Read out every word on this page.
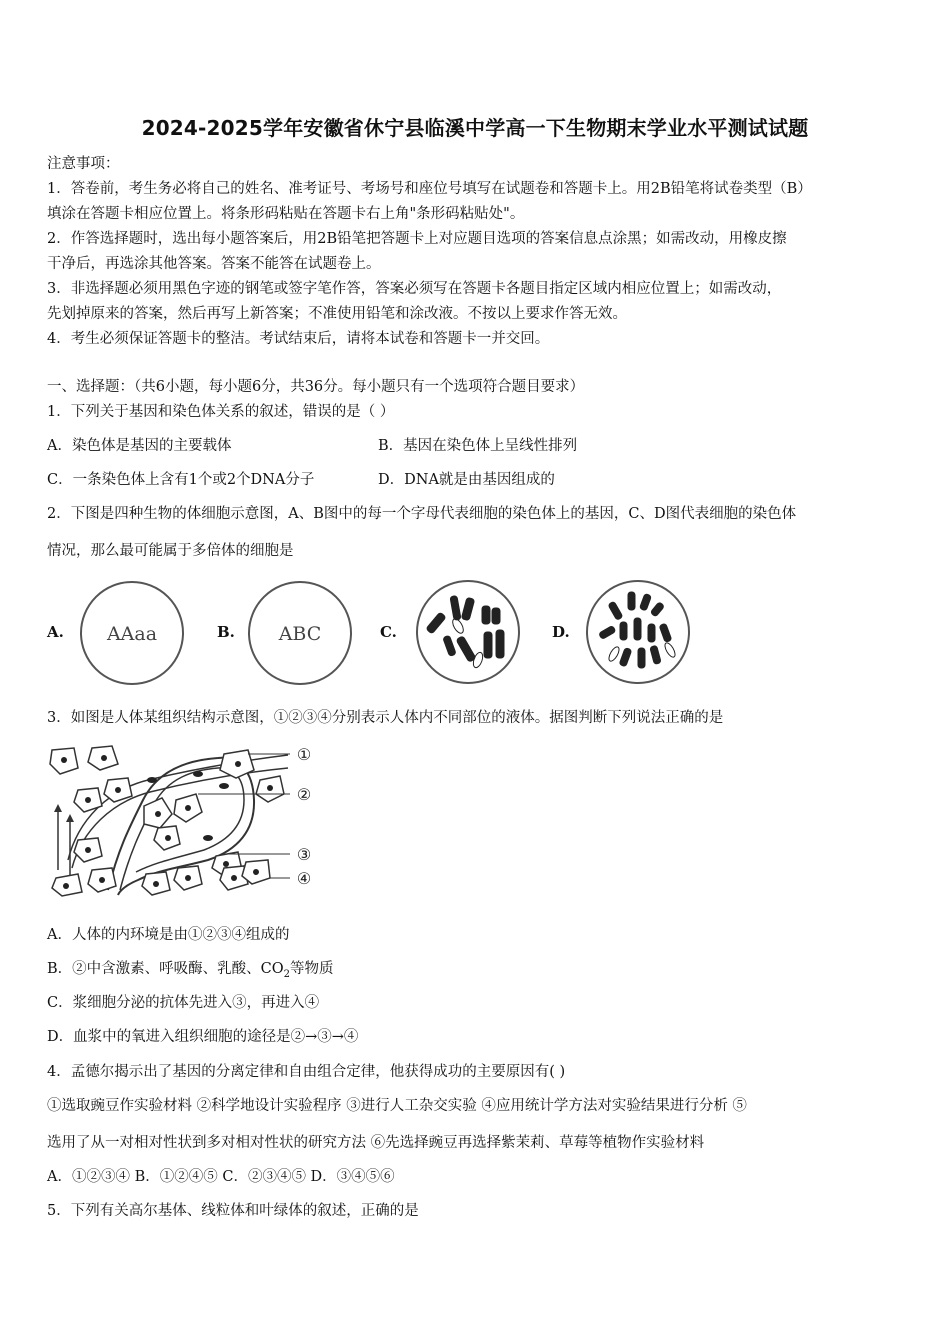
2024-2025学年安徽省休宁县临溪中学高一下生物期末学业水平测试试题
注意事项：
1．答卷前，考生务必将自己的姓名、准考证号、考场号和座位号填写在试题卷和答题卡上。用2B铅笔将试卷类型（B）
填涂在答题卡相应位置上。将条形码粘贴在答题卡右上角"条形码粘贴处"。
2．作答选择题时，选出每小题答案后，用2B铅笔把答题卡上对应题目选项的答案信息点涂黑；如需改动，用橡皮擦
干净后，再选涂其他答案。答案不能答在试题卷上。
3．非选择题必须用黑色字迹的钢笔或签字笔作答，答案必须写在答题卡各题目指定区域内相应位置上；如需改动，
先划掉原来的答案，然后再写上新答案；不准使用铅笔和涂改液。不按以上要求作答无效。
4．考生必须保证答题卡的整洁。考试结束后，请将本试卷和答题卡一并交回。
一、选择题：（共6小题，每小题6分，共36分。每小题只有一个选项符合题目要求）
1．下列关于基因和染色体关系的叙述，错误的是（ ）
A．染色体是基因的主要载体	B．基因在染色体上呈线性排列
C．一条染色体上含有1个或2个DNA分子	D．DNA就是由基因组成的
2．下图是四种生物的体细胞示意图，A、B图中的每一个字母代表细胞的染色体上的基因，C、D图代表细胞的染色体
情况，那么最可能属于多倍体的细胞是
A.	B.	C.	D.
AAaa	ABC
3．如图是人体某组织结构示意图，①②③④分别表示人体内不同部位的液体。据图判断下列说法正确的是
①
②
③
④
A．人体的内环境是由①②③④组成的
B．②中含激素、呼吸酶、乳酸、$CO_2$等物质
C．浆细胞分泌的抗体先进入③，再进入④
D．血浆中的氧进入组织细胞的途径是②→③→④
4．孟德尔揭示出了基因的分离定律和自由组合定律，他获得成功的主要原因有( )
①选取豌豆作实验材料 ②科学地设计实验程序 ③进行人工杂交实验 ④应用统计学方法对实验结果进行分析 ⑤
选用了从一对相对性状到多对相对性状的研究方法 ⑥先选择豌豆再选择紫茉莉、草莓等植物作实验材料
A．①②③④ B．①②④⑤ C．②③④⑤ D．③④⑤⑥
5．下列有关高尔基体、线粒体和叶绿体的叙述，正确的是
